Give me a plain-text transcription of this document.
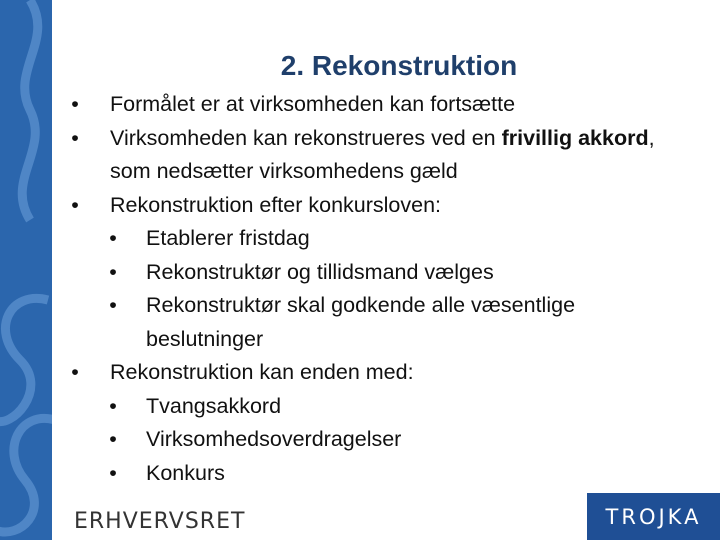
2. Rekonstruktion
• Formålet er at virksomheden kan fortsætte
• Virksomheden kan rekonstrueres ved en frivillig akkord, som nedsætter virksomhedens gæld
• Rekonstruktion efter konkursloven:
• Etablerer fristdag
• Rekonstruktør og tillidsmand vælges
• Rekonstruktør skal godkende alle væsentlige beslutninger
• Rekonstruktion kan enden med:
• Tvangsakkord
• Virksomhedsoverdragelser
• Konkurs
ERHVERVSRET	TROJKA
